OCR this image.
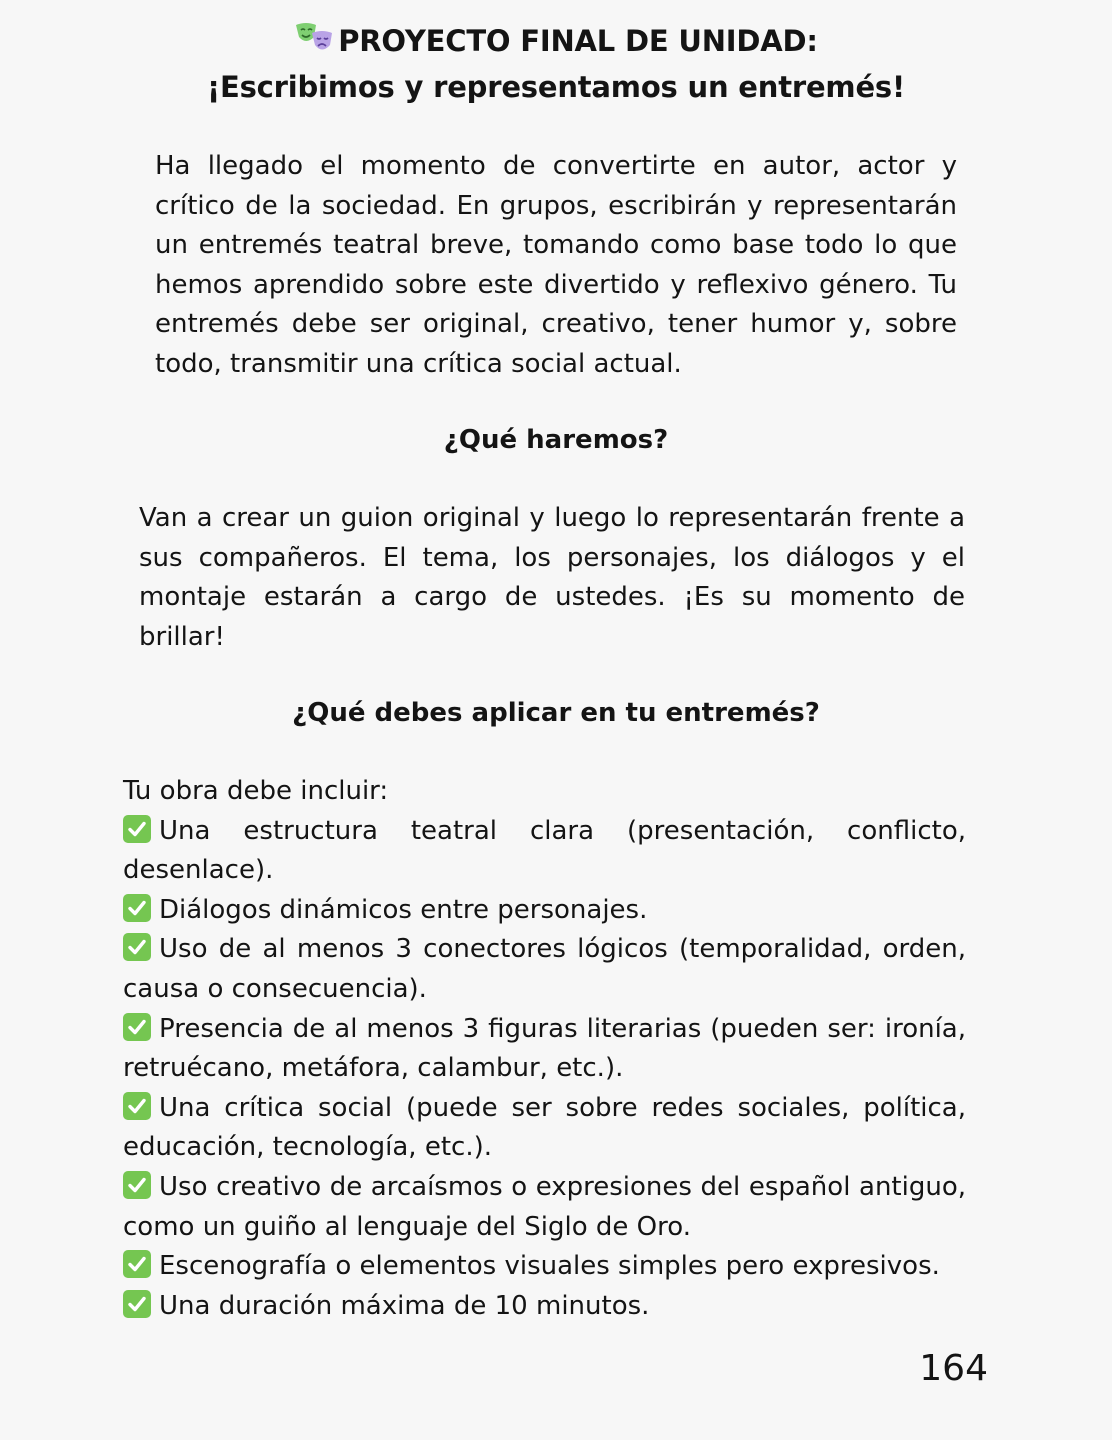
PROYECTO FINAL DE UNIDAD:
¡Escribimos y representamos un entremés!

Ha llegado el momento de convertirte en autor, actor y crítico de la sociedad. En grupos, escribirán y representarán un entremés teatral breve, tomando como base todo lo que hemos aprendido sobre este divertido y reflexivo género. Tu entremés debe ser original, creativo, tener humor y, sobre todo, transmitir una crítica social actual.

¿Qué haremos?

Van a crear un guion original y luego lo representarán frente a sus compañeros. El tema, los personajes, los diálogos y el montaje estarán a cargo de ustedes. ¡Es su momento de brillar!

¿Qué debes aplicar en tu entremés?

Tu obra debe incluir:

Una estructura teatral clara (presentación, conflicto, desenlace).
Diálogos dinámicos entre personajes.
Uso de al menos 3 conectores lógicos (temporalidad, orden, causa o consecuencia).
Presencia de al menos 3 figuras literarias (pueden ser: ironía, retruécano, metáfora, calambur, etc.).
Una crítica social (puede ser sobre redes sociales, política, educación, tecnología, etc.).
Uso creativo de arcaísmos o expresiones del español antiguo, como un guiño al lenguaje del Siglo de Oro.
Escenografía o elementos visuales simples pero expresivos.
Una duración máxima de 10 minutos.
164
